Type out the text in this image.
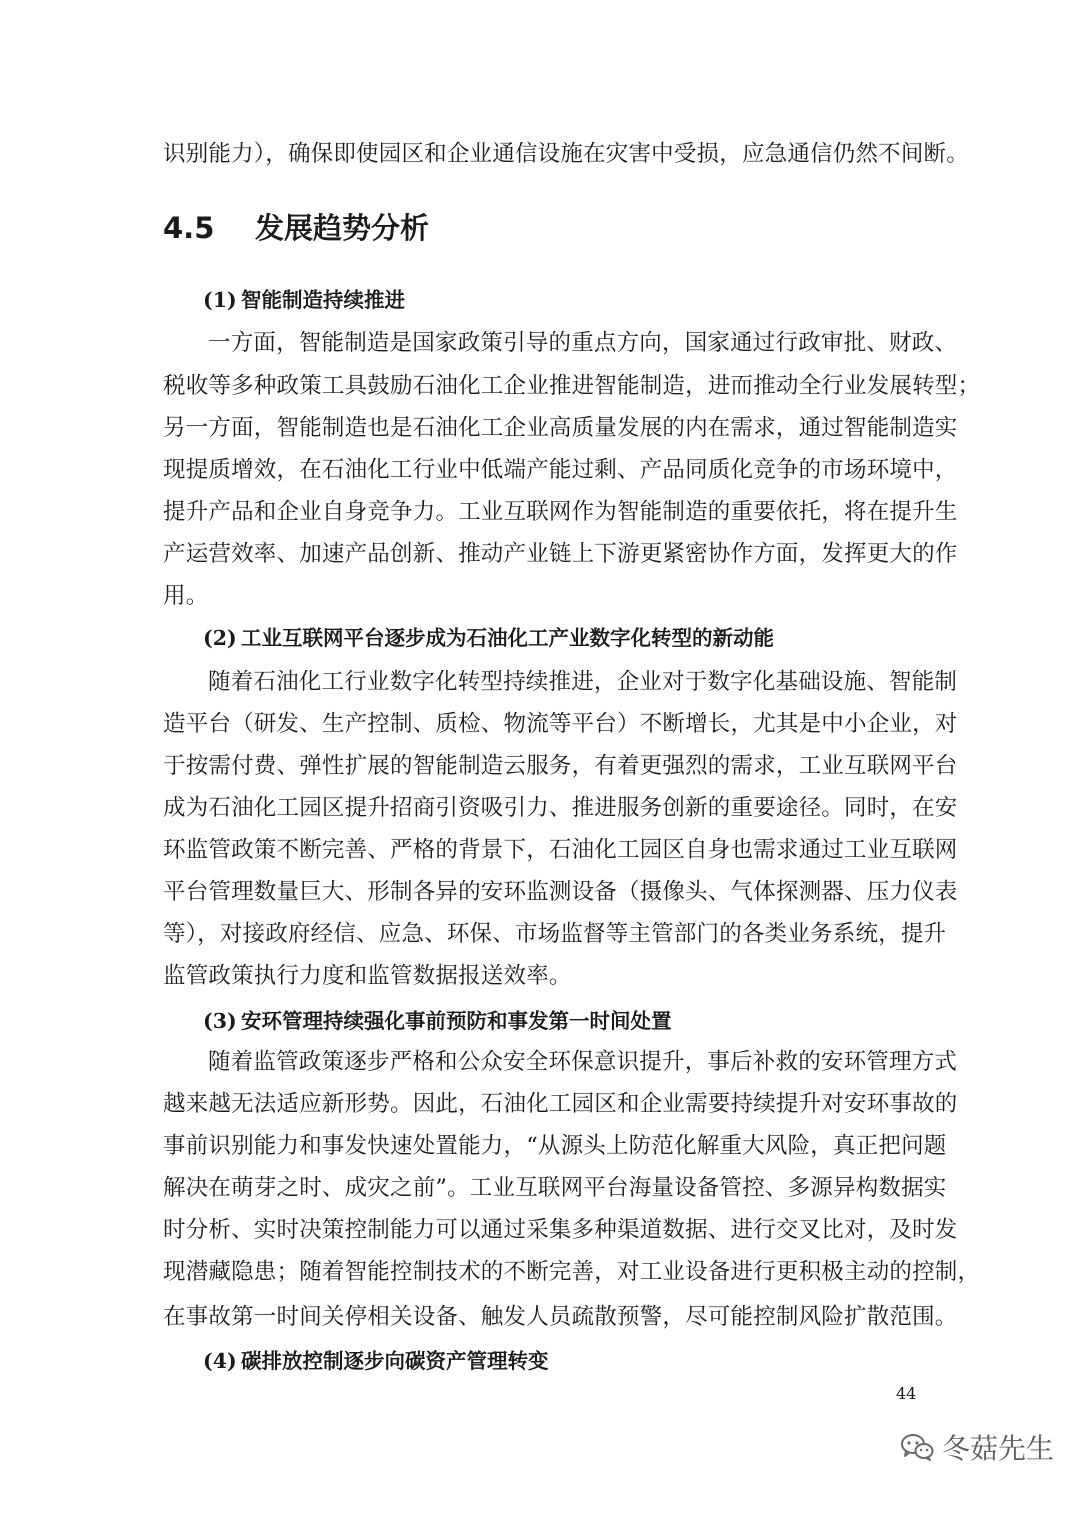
识别能力），确保即使园区和企业通信设施在灾害中受损，应急通信仍然不间断。
4.5 发展趋势分析
(1) 智能制造持续推进
一方面，智能制造是国家政策引导的重点方向，国家通过行政审批、财政、
税收等多种政策工具鼓励石油化工企业推进智能制造，进而推动全行业发展转型；
另一方面，智能制造也是石油化工企业高质量发展的内在需求，通过智能制造实
现提质增效，在石油化工行业中低端产能过剩、产品同质化竞争的市场环境中，
提升产品和企业自身竞争力。工业互联网作为智能制造的重要依托，将在提升生
产运营效率、加速产品创新、推动产业链上下游更紧密协作方面，发挥更大的作
用。
(2) 工业互联网平台逐步成为石油化工产业数字化转型的新动能
随着石油化工行业数字化转型持续推进，企业对于数字化基础设施、智能制
造平台（研发、生产控制、质检、物流等平台）不断增长，尤其是中小企业，对
于按需付费、弹性扩展的智能制造云服务，有着更强烈的需求，工业互联网平台
成为石油化工园区提升招商引资吸引力、推进服务创新的重要途径。同时，在安
环监管政策不断完善、严格的背景下，石油化工园区自身也需求通过工业互联网
平台管理数量巨大、形制各异的安环监测设备（摄像头、气体探测器、压力仪表
等），对接政府经信、应急、环保、市场监督等主管部门的各类业务系统，提升
监管政策执行力度和监管数据报送效率。
(3) 安环管理持续强化事前预防和事发第一时间处置
随着监管政策逐步严格和公众安全环保意识提升，事后补救的安环管理方式
越来越无法适应新形势。因此，石油化工园区和企业需要持续提升对安环事故的
事前识别能力和事发快速处置能力，“从源头上防范化解重大风险，真正把问题
解决在萌芽之时、成灾之前”。工业互联网平台海量设备管控、多源异构数据实
时分析、实时决策控制能力可以通过采集多种渠道数据、进行交叉比对，及时发
现潜藏隐患；随着智能控制技术的不断完善，对工业设备进行更积极主动的控制，
在事故第一时间关停相关设备、触发人员疏散预警，尽可能控制风险扩散范围。
(4) 碳排放控制逐步向碳资产管理转变
44
冬菇先生
